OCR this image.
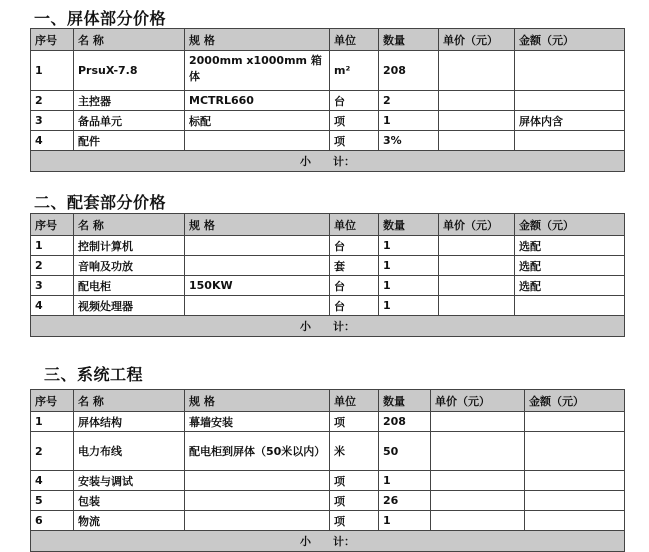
一、屏体部分价格
序号	名 称	规 格	单位	数量	单价（元）	金额（元）
1	PrsuX-7.8	2000mm x1000mm 箱体	m²	208		
2	主控器	MCTRL660	台	2		
3	备品单元	标配	项	1		屏体内含
4	配件		项	3%		
小　　计：						
二、配套部分价格
序号	名 称	规 格	单位	数量	单价（元）	金额（元）
1	控制计算机		台	1		选配
2	音响及功放		套	1		选配
3	配电柜	150KW	台	1		选配
4	视频处理器		台	1		
小　　计：						
三、系统工程
序号	名 称	规 格	单位	数量	单价（元）	金额（元）
1	屏体结构	幕墙安装	项	208		
2	电力布线	配电柜到屏体（50米以内）	米	50		
4	安装与调试		项	1		
5	包装		项	26		
6	物流		项	1		
小　　计：						
